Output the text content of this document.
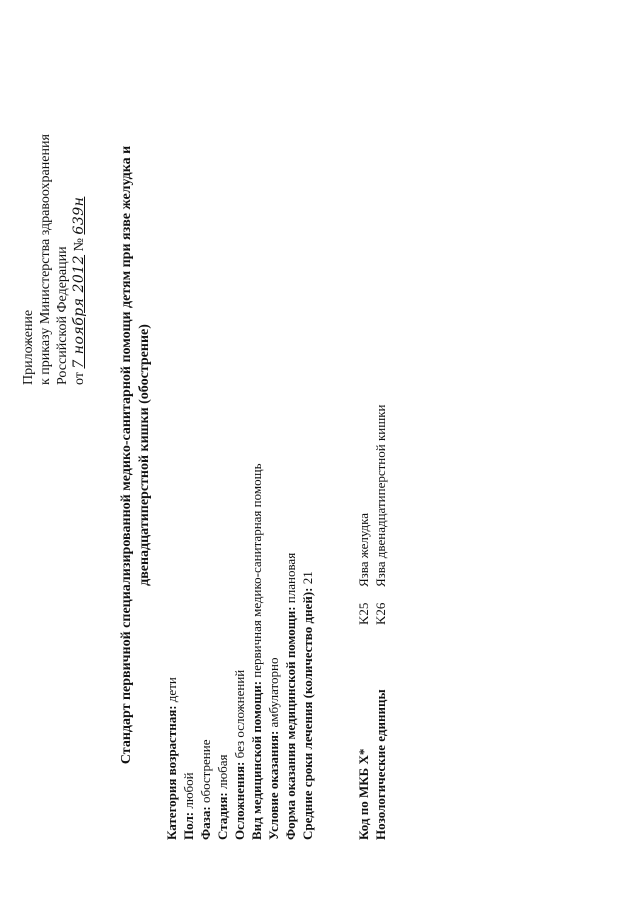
Приложение к приказу Министерства здравоохранения Российской Федерации от 7 ноября 2012 № 639н Стандарт первичной специализированной медико-санитарной помощи детям при язве желудка и двенадцатиперстной кишки (обострение)
Категория возрастная: дети
Пол: любой
Фаза: обострение
Стадия: любая Осложнения: без осложнений Вид медицинской помощи: первичная медико-санитарная помощь
Условие оказания: амбулаторно Форма оказания медицинской помощи: плановая
Средние сроки лечения (количество дней): 21
Код по МКБ X*
K25
Язва желудка
Нозологические единицы
K26
Язва двенадцатиперстной кишки
